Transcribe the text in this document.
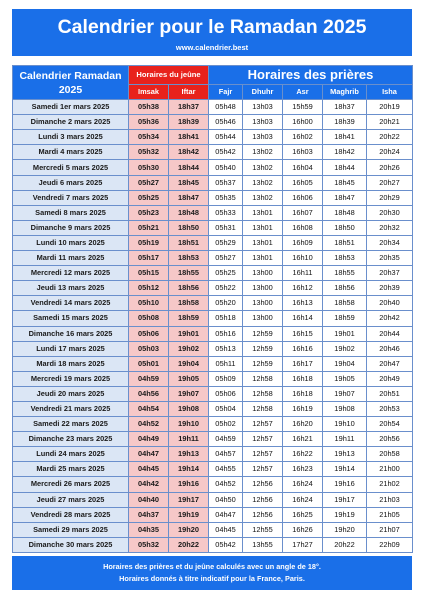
Calendrier pour le Ramadan 2025
www.calendrier.best
Calendrier Ramadan 2025	Horaires du jeûne		Horaires des prières				
	Imsak	Iftar	Fajr	Dhuhr	Asr	Maghrib	Isha
Samedi 1er mars 2025	05h38	18h37	05h48	13h03	15h59	18h37	20h19
Dimanche 2 mars 2025	05h36	18h39	05h46	13h03	16h00	18h39	20h21
Lundi 3 mars 2025	05h34	18h41	05h44	13h03	16h02	18h41	20h22
Mardi 4 mars 2025	05h32	18h42	05h42	13h02	16h03	18h42	20h24
Mercredi 5 mars 2025	05h30	18h44	05h40	13h02	16h04	18h44	20h26
Jeudi 6 mars 2025	05h27	18h45	05h37	13h02	16h05	18h45	20h27
Vendredi 7 mars 2025	05h25	18h47	05h35	13h02	16h06	18h47	20h29
Samedi 8 mars 2025	05h23	18h48	05h33	13h01	16h07	18h48	20h30
Dimanche 9 mars 2025	05h21	18h50	05h31	13h01	16h08	18h50	20h32
Lundi 10 mars 2025	05h19	18h51	05h29	13h01	16h09	18h51	20h34
Mardi 11 mars 2025	05h17	18h53	05h27	13h01	16h10	18h53	20h35
Mercredi 12 mars 2025	05h15	18h55	05h25	13h00	16h11	18h55	20h37
Jeudi 13 mars 2025	05h12	18h56	05h22	13h00	16h12	18h56	20h39
Vendredi 14 mars 2025	05h10	18h58	05h20	13h00	16h13	18h58	20h40
Samedi 15 mars 2025	05h08	18h59	05h18	13h00	16h14	18h59	20h42
Dimanche 16 mars 2025	05h06	19h01	05h16	12h59	16h15	19h01	20h44
Lundi 17 mars 2025	05h03	19h02	05h13	12h59	16h16	19h02	20h46
Mardi 18 mars 2025	05h01	19h04	05h11	12h59	16h17	19h04	20h47
Mercredi 19 mars 2025	04h59	19h05	05h09	12h58	16h18	19h05	20h49
Jeudi 20 mars 2025	04h56	19h07	05h06	12h58	16h18	19h07	20h51
Vendredi 21 mars 2025	04h54	19h08	05h04	12h58	16h19	19h08	20h53
Samedi 22 mars 2025	04h52	19h10	05h02	12h57	16h20	19h10	20h54
Dimanche 23 mars 2025	04h49	19h11	04h59	12h57	16h21	19h11	20h56
Lundi 24 mars 2025	04h47	19h13	04h57	12h57	16h22	19h13	20h58
Mardi 25 mars 2025	04h45	19h14	04h55	12h57	16h23	19h14	21h00
Mercredi 26 mars 2025	04h42	19h16	04h52	12h56	16h24	19h16	21h02
Jeudi 27 mars 2025	04h40	19h17	04h50	12h56	16h24	19h17	21h03
Vendredi 28 mars 2025	04h37	19h19	04h47	12h56	16h25	19h19	21h05
Samedi 29 mars 2025	04h35	19h20	04h45	12h55	16h26	19h20	21h07
Dimanche 30 mars 2025	05h32	20h22	05h42	13h55	17h27	20h22	22h09
Horaires des prières et du jeûne calculés avec un angle de 18°.
Horaires donnés à titre indicatif pour la France, Paris.
